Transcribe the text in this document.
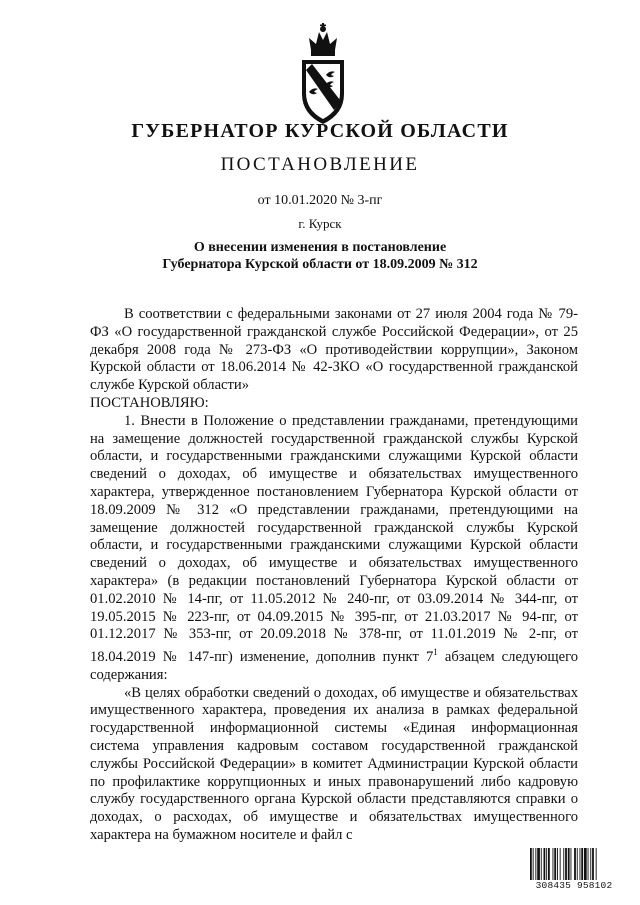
ГУБЕРНАТОР КУРСКОЙ ОБЛАСТИ
ПОСТАНОВЛЕНИЕ
от 10.01.2020 № 3-пг
г. Курск
О внесении изменения в постановление
Губернатора Курской области от 18.09.2009 № 312

В соответствии с федеральными законами от 27 июля 2004 года № 79-ФЗ «О государственной гражданской службе Российской Федерации», от 25 декабря 2008 года № 273-ФЗ «О противодействии коррупции», Законом Курской области от 18.06.2014 № 42-ЗКО «О государственной гражданской службе Курской области»

ПОСТАНОВЛЯЮ:

1. Внести в Положение о представлении гражданами, претендующими на замещение должностей государственной гражданской службы Курской области, и государственными гражданскими служащими Курской области сведений о доходах, об имуществе и обязательствах имущественного характера, утвержденное постановлением Губернатора Курской области от 18.09.2009 № 312 «О представлении гражданами, претендующими на замещение должностей государственной гражданской службы Курской области, и государственными гражданскими служащими Курской области сведений о доходах, об имуществе и обязательствах имущественного характера» (в редакции постановлений Губернатора Курской области от 01.02.2010 № 14-пг, от 11.05.2012 № 240-пг, от 03.09.2014 № 344-пг, от 19.05.2015 № 223-пг, от 04.09.2015 № 395-пг, от 21.03.2017 № 94-пг, от 01.12.2017 № 353-пг, от 20.09.2018 № 378-пг, от 11.01.2019 № 2-пг, от 18.04.2019 № 147-пг) изменение, дополнив пункт $7^1$ абзацем следующего содержания:

«В целях обработки сведений о доходах, об имуществе и обязательствах имущественного характера, проведения их анализа в рамках федеральной государственной информационной системы «Единая информационная система управления кадровым составом государственной гражданской службы Российской Федерации» в комитет Администрации Курской области по профилактике коррупционных и иных правонарушений либо кадровую службу государственного органа Курской области представляются справки о доходах, о расходах, об имуществе и обязательствах имущественного характера на бумажном носителе и файл с

308435 958102
